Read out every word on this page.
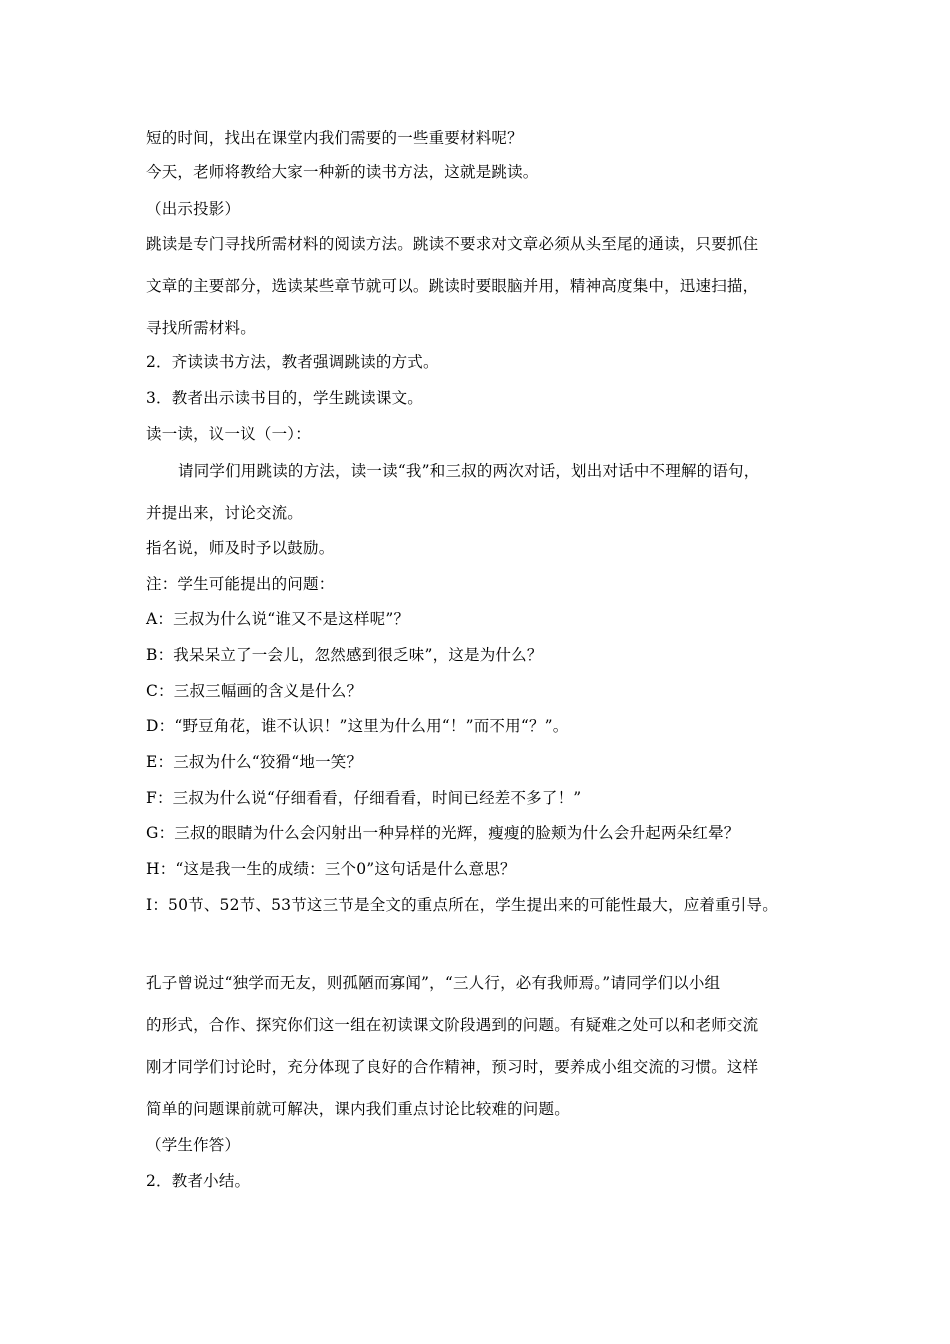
短的时间，找出在课堂内我们需要的一些重要材料呢？
今天，老师将教给大家一种新的读书方法，这就是跳读。
（出示投影）
跳读是专门寻找所需材料的阅读方法。跳读不要求对文章必须从头至尾的通读，只要抓住
文章的主要部分，选读某些章节就可以。跳读时要眼脑并用，精神高度集中，迅速扫描，
寻找所需材料。
2．齐读读书方法，教者强调跳读的方式。
3．教者出示读书目的，学生跳读课文。
读一读，议一议（一）：
请同学们用跳读的方法，读一读“我”和三叔的两次对话，划出对话中不理解的语句，
并提出来，讨论交流。
指名说，师及时予以鼓励。
注：学生可能提出的问题：
A：三叔为什么说“谁又不是这样呢”？
B：我呆呆立了一会儿，忽然感到很乏味”，这是为什么？
C：三叔三幅画的含义是什么？
D：“野豆角花，谁不认识！”这里为什么用“！”而不用“？”。
E：三叔为什么“狡猾“地一笑？
F：三叔为什么说“仔细看看，仔细看看，时间已经差不多了！”
G：三叔的眼睛为什么会闪射出一种异样的光辉，瘦瘦的脸颊为什么会升起两朵红晕？
H：“这是我一生的成绩：三个0”这句话是什么意思？
I：50节、52节、53节这三节是全文的重点所在，学生提出来的可能性最大，应着重引导。
孔子曾说过“独学而无友，则孤陋而寡闻”，“三人行，必有我师焉。”请同学们以小组
的形式，合作、探究你们这一组在初读课文阶段遇到的问题。有疑难之处可以和老师交流
刚才同学们讨论时，充分体现了良好的合作精神，预习时，要养成小组交流的习惯。这样
简单的问题课前就可解决，课内我们重点讨论比较难的问题。
（学生作答）
2．教者小结。
